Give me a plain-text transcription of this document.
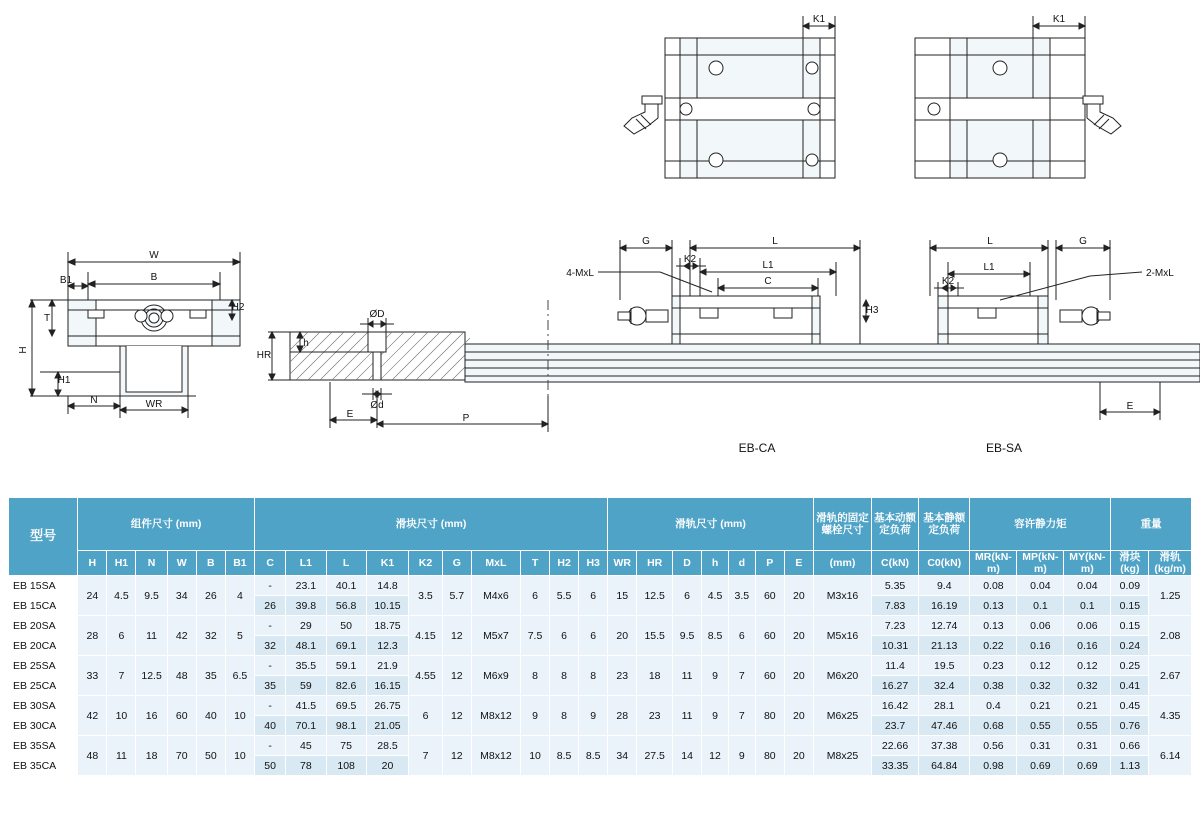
K1	K1
W
B
B1
H
T
H2
H1
N	WR
HR
h
ØD
Ød
E	P
G	L
L1
C
K2
H3
4-MxL
G
L
L1
K2
2-MxL
E
EB-CA	EB-SA
型号	组件尺寸 (mm)						滑块尺寸 (mm)										滑轨尺寸 (mm)							滑轨的固定螺栓尺寸	基本动额定负荷	基本静额定负荷	容许静力矩			重量	
	H	H1	N	W	B	B1	C	L1	L	K1	K2	G	MxL	T	H2	H3	WR	HR	D	h	d	P	E	(mm)	C(kN)	C0(kN)	MR(kN-m)	MP(kN-m)	MY(kN-m)	滑块(kg)	滑轨(kg/m)
EB 15SA	24	4.5	9.5	34	26	4	-	23.1	40.1	14.8	3.5	5.7	M4x6	6	5.5	6	15	12.5	6	4.5	3.5	60	20	M3x16	5.35	9.4	0.08	0.04	0.04	0.09	1.25
EB 15CA							26	39.8	56.8	10.15															7.83	16.19	0.13	0.1	0.1	0.15	
EB 20SA	28	6	11	42	32	5	-	29	50	18.75	4.15	12	M5x7	7.5	6	6	20	15.5	9.5	8.5	6	60	20	M5x16	7.23	12.74	0.13	0.06	0.06	0.15	2.08
EB 20CA							32	48.1	69.1	12.3															10.31	21.13	0.22	0.16	0.16	0.24	
EB 25SA	33	7	12.5	48	35	6.5	-	35.5	59.1	21.9	4.55	12	M6x9	8	8	8	23	18	11	9	7	60	20	M6x20	11.4	19.5	0.23	0.12	0.12	0.25	2.67
EB 25CA							35	59	82.6	16.15															16.27	32.4	0.38	0.32	0.32	0.41	
EB 30SA	42	10	16	60	40	10	-	41.5	69.5	26.75	6	12	M8x12	9	8	9	28	23	11	9	7	80	20	M6x25	16.42	28.1	0.4	0.21	0.21	0.45	4.35
EB 30CA							40	70.1	98.1	21.05															23.7	47.46	0.68	0.55	0.55	0.76	
EB 35SA	48	11	18	70	50	10	-	45	75	28.5	7	12	M8x12	10	8.5	8.5	34	27.5	14	12	9	80	20	M8x25	22.66	37.38	0.56	0.31	0.31	0.66	6.14
EB 35CA							50	78	108	20															33.35	64.84	0.98	0.69	0.69	1.13	
